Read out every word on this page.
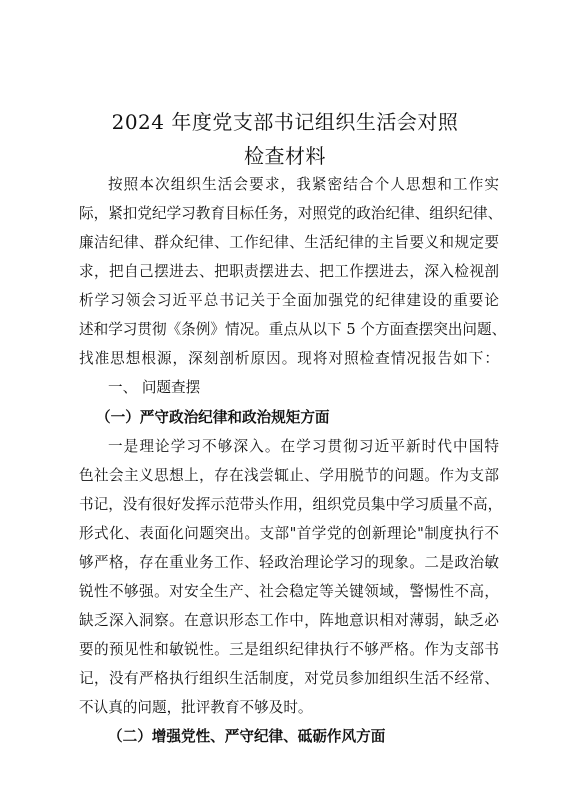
2024 年度党支部书记组织生活会对照
检查材料
按照本次组织生活会要求，我紧密结合个人思想和工作实
际，紧扣党纪学习教育目标任务，对照党的政治纪律、组织纪律、
廉洁纪律、群众纪律、工作纪律、生活纪律的主旨要义和规定要
求，把自己摆进去、把职责摆进去、把工作摆进去，深入检视剖
析学习领会习近平总书记关于全面加强党的纪律建设的重要论
述和学习贯彻《条例》情况。重点从以下 5 个方面查摆突出问题、
找准思想根源，深刻剖析原因。现将对照检查情况报告如下：
一、 问题查摆
（一）严守政治纪律和政治规矩方面
一是理论学习不够深入。在学习贯彻习近平新时代中国特
色社会主义思想上，存在浅尝辄止、学用脱节的问题。作为支部
书记，没有很好发挥示范带头作用，组织党员集中学习质量不高，
形式化、表面化问题突出。支部"首学党的创新理论"制度执行不
够严格，存在重业务工作、轻政治理论学习的现象。二是政治敏
锐性不够强。对安全生产、社会稳定等关键领域，警惕性不高，
缺乏深入洞察。在意识形态工作中，阵地意识相对薄弱，缺乏必
要的预见性和敏锐性。三是组织纪律执行不够严格。作为支部书
记，没有严格执行组织生活制度，对党员参加组织生活不经常、
不认真的问题，批评教育不够及时。
（二）增强党性、严守纪律、砥砺作风方面
